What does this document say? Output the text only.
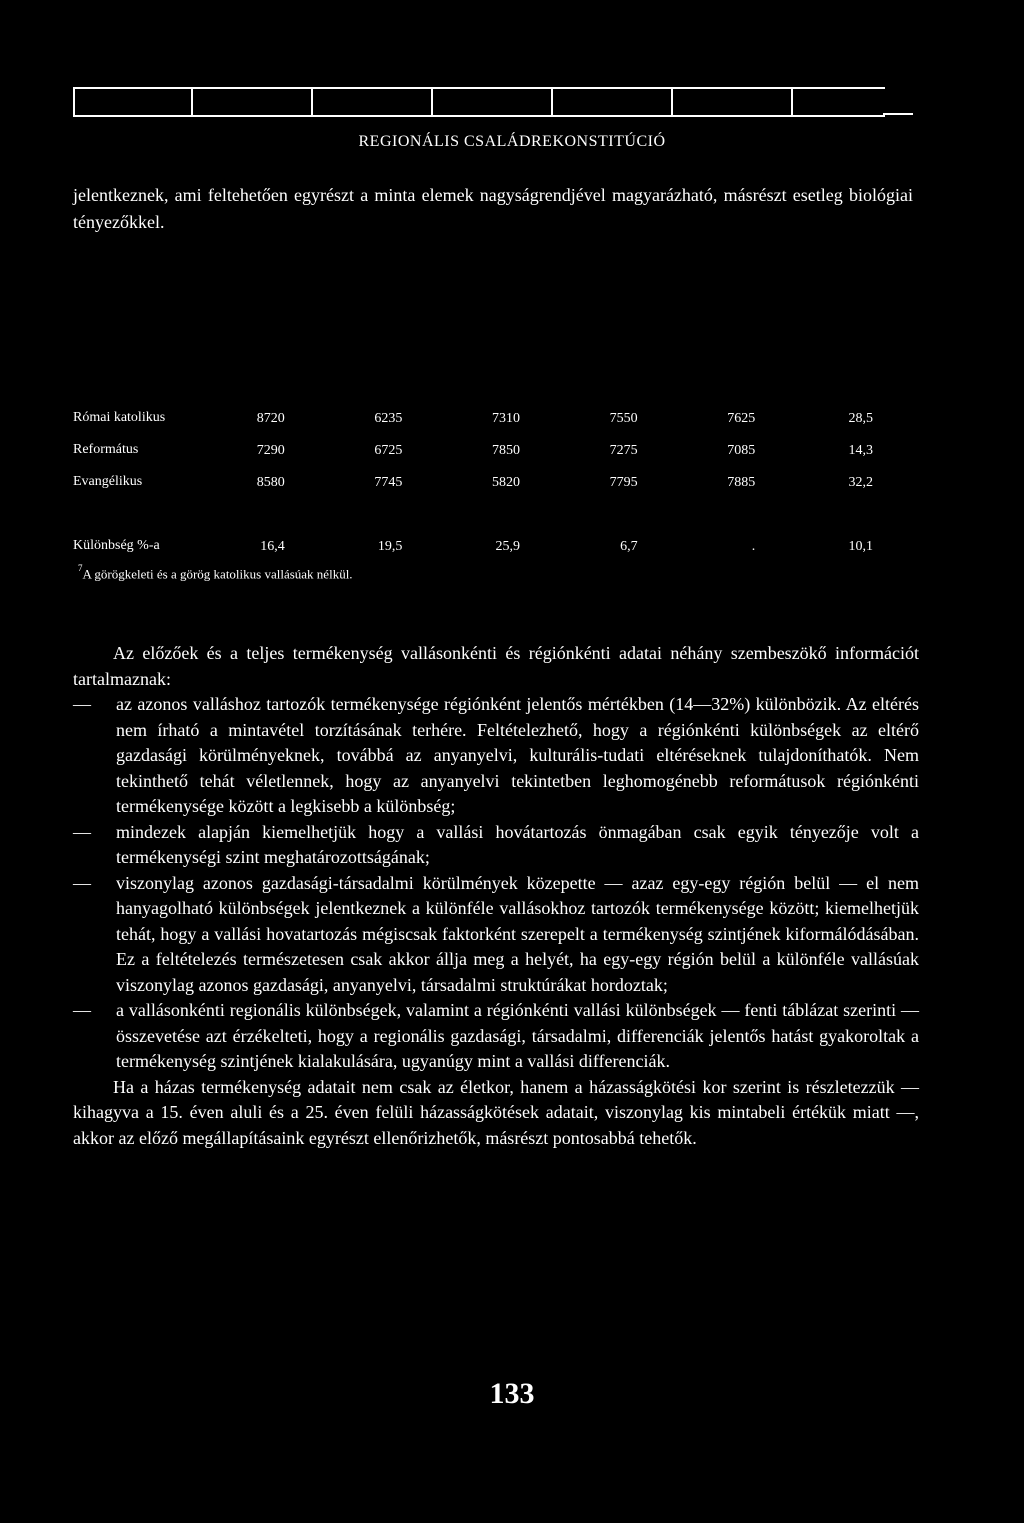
REGIONÁLIS CSALÁDREKONSTITÚCIÓ
jelentkeznek, ami feltehetően egyrészt a minta elemek nagyságrendjével magyarázható, másrészt esetleg biológiai tényezőkkel.
Római katolikus	8720	6235	7310	7550	7625	28,5
Református	7290	6725	7850	7275	7085	14,3
Evangélikus	8580	7745	5820	7795	7885	32,2

Különbség %-a	16,4	19,5	25,9	6,7	.	10,1
$^7$A görögkeleti és a görög katolikus vallásúak nélkül.

Az előzőek és a teljes termékenység vallásonkénti és régiónkénti adatai néhány szembeszökő információt tartalmaznak:

—	az azonos valláshoz tartozók termékenysége régiónként jelentős mértékben (14—32%) különbözik. Az eltérés nem írható a mintavétel torzításának terhére. Feltételezhető, hogy a régiónkénti különbségek az eltérő gazdasági körülményeknek, továbbá az anyanyelvi, kulturális-tudati eltéréseknek tulajdoníthatók. Nem tekinthető tehát véletlennek, hogy az anyanyelvi tekintetben leghomogénebb reformátusok régiónkénti termékenysége között a legkisebb a különbség;

—	mindezek alapján kiemelhetjük hogy a vallási hovátartozás önmagában csak egyik tényezője volt a termékenységi szint meghatározottságának;

—	viszonylag azonos gazdasági-társadalmi körülmények közepette — azaz egy-egy régión belül — el nem hanyagolható különbségek jelentkeznek a különféle vallásokhoz tartozók termékenysége között; kiemelhetjük tehát, hogy a vallási hovatartozás mégiscsak faktorként szerepelt a termékenység szintjének kiformálódásában. Ez a feltételezés természetesen csak akkor állja meg a helyét, ha egy-egy régión belül a különféle vallásúak viszonylag azonos gazdasági, anyanyelvi, társadalmi struktúrákat hordoztak;

—	a vallásonkénti regionális különbségek, valamint a régiónkénti vallási különbségek — fenti táblázat szerinti — összevetése azt érzékelteti, hogy a regionális gazdasági, társadalmi, differenciák jelentős hatást gyakoroltak a termékenység szintjének kialakulására, ugyanúgy mint a vallási differenciák.

Ha a házas termékenység adatait nem csak az életkor, hanem a házasságkötési kor szerint is részletezzük — kihagyva a 15. éven aluli és a 25. éven felüli házasságkötések adatait, viszonylag kis mintabeli értékük miatt —, akkor az előző megállapításaink egyrészt ellenőrizhetők, másrészt pontosabbá tehetők.

133
